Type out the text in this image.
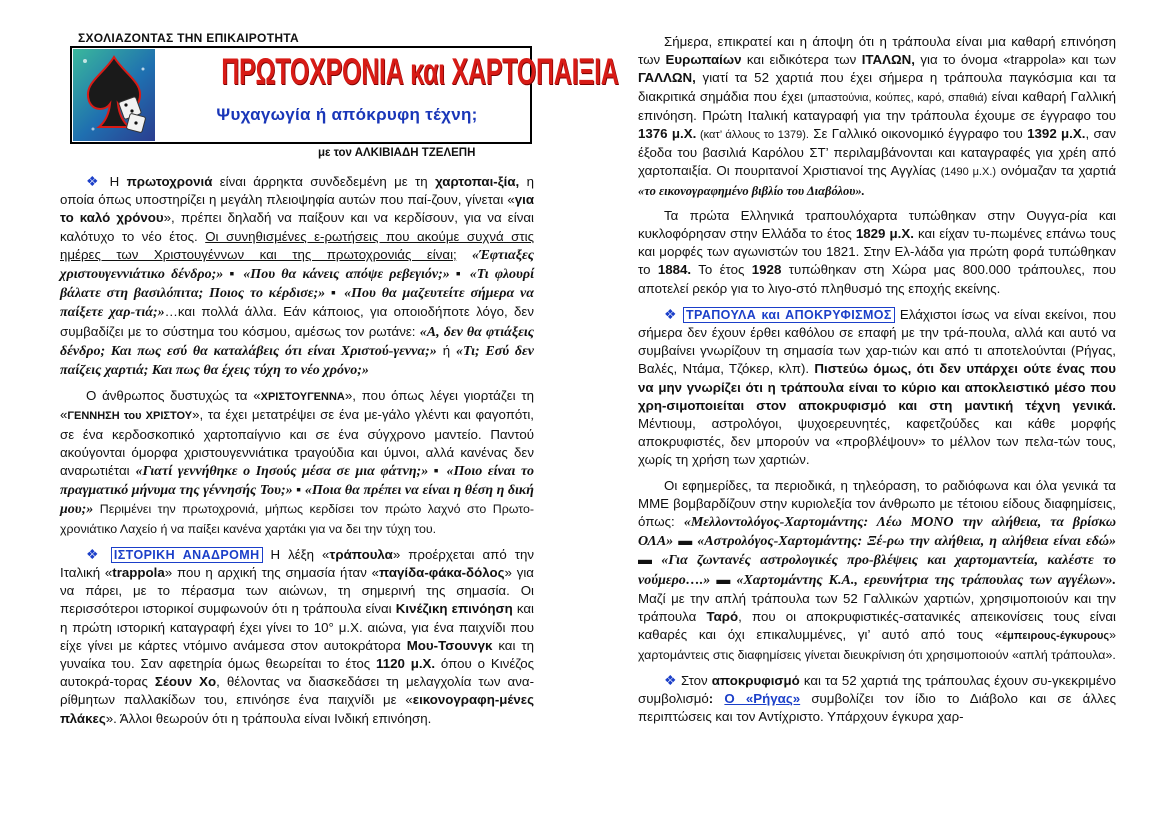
ΣΧΟΛΙΑΖΟΝΤΑΣ ΤΗΝ ΕΠΙΚΑΙΡΟΤΗΤΑ
ΠΡΩΤΟΧΡΟΝΙΑ και ΧΑΡΤΟΠΑΙΞΙΑ
Ψυχαγωγία ή απόκρυφη τέχνη;
με τον ΑΛΚΙΒΙΑΔΗ ΤΖΕΛΕΠΗ

❖ Η πρωτοχρονιά είναι άρρηκτα συνδεδεμένη με τη χαρτοπαι-ξία, η οποία όπως υποστηρίζει η μεγάλη πλειοψηφία αυτών που παί-ζουν, γίνεται «για το καλό χρόνου», πρέπει δηλαδή να παίξουν και να κερδίσουν, για να είναι καλότυχο το νέο έτος. Οι συνηθισμένες ε-ρωτήσεις που ακούμε συχνά στις ημέρες των Χριστουγέννων και της πρωτοχρονιάς είναι; «Έφτιαξες χριστουγεννιάτικο δένδρο;» ▪ «Που θα κάνεις απόψε ρεβεγιόν;» ▪ «Τι φλουρί βάλατε στη βασιλόπιτα; Ποιος το κέρδισε;» ▪ «Που θα μαζευτείτε σήμερα να παίξετε χαρ-τιά;»…και πολλά άλλα. Εάν κάποιος, για οποιοδήποτε λόγο, δεν συμβαδίζει με το σύστημα του κόσμου, αμέσως τον ρωτάνε: «Α, δεν θα φτιάξεις δένδρο; Και πως εσύ θα καταλάβεις ότι είναι Χριστού-γεννα;» ή «Τι; Εσύ δεν παίζεις χαρτιά; Και πως θα έχεις τύχη το νέο χρόνο;»

Ο άνθρωπος δυστυχώς τα «ΧΡΙΣΤΟΥΓΕΝΝΑ», που όπως λέγει γιορτάζει τη «ΓΕΝΝΗΣΗ του ΧΡΙΣΤΟΥ», τα έχει μετατρέψει σε ένα με-γάλο γλέντι και φαγοπότι, σε ένα κερδοσκοπικό χαρτοπαίγνιο και σε ένα σύγχρονο μαντείο. Παντού ακούγονται όμορφα χριστουγεννιάτικα τραγούδια και ύμνοι, αλλά κανένας δεν αναρωτιέται «Γιατί γεννήθηκε ο Ιησούς μέσα σε μια φάτνη;» ▪ «Ποιο είναι το πραγματικό μήνυμα της γέννησής Του;» ▪ «Ποια θα πρέπει να είναι η θέση η δική μου;» Περιμένει την πρωτοχρονιά, μήπως κερδίσει τον πρώτο λαχνό στο Πρωτο-χρονιάτικο Λαχείο ή να παίξει κανένα χαρτάκι για να δει την τύχη του.

❖ ΙΣΤΟΡΙΚΗ ΑΝΑΔΡΟΜΗ Η λέξη «τράπουλα» προέρχεται από την Ιταλική «trappola» που η αρχική της σημασία ήταν «παγίδα-φάκα-δόλος» για να πάρει, με το πέρασμα των αιώνων, τη σημερινή της σημασία. Οι περισσότεροι ιστορικοί συμφωνούν ότι η τράπουλα είναι Κινέζικη επινόηση και η πρώτη ιστορική καταγραφή έχει γίνει το 10° μ.Χ. αιώνα, για ένα παιχνίδι που είχε γίνει με κάρτες ντόμινο ανάμεσα στον αυτοκράτορα Μου-Τσουνγκ και τη γυναίκα του. Σαν αφετηρία όμως θεωρείται το έτος 1120 μ.Χ. όπου ο Κινέζος αυτοκρά-τορας Σέουν Χο, θέλοντας να διασκεδάσει τη μελαγχολία των ανα-ρίθμητων παλλακίδων του, επινόησε ένα παιχνίδι με «εικονογραφη-μένες πλάκες». Άλλοι θεωρούν ότι η τράπουλα είναι Ινδική επινόηση.

Σήμερα, επικρατεί και η άποψη ότι η τράπουλα είναι μια καθαρή επινόηση των Ευρωπαίων και ειδικότερα των ΙΤΑΛΩΝ, για το όνομα «trappola» και των ΓΑΛΛΩΝ, γιατί τα 52 χαρτιά που έχει σήμερα η τράπουλα παγκόσμια και τα διακριτικά σημάδια που έχει (μπαστούνια, κούπες, καρό, σπαθιά) είναι καθαρή Γαλλική επινόηση. Πρώτη Ιταλική καταγραφή για την τράπουλα έχουμε σε έγγραφο του 1376 μ.Χ. (κατ’ άλλους το 1379). Σε Γαλλικό οικονομικό έγγραφο του 1392 μ.Χ., σαν έξοδα του βασιλιά Καρόλου ΣΤ’ περιλαμβάνονται και καταγραφές για χρέη από χαρτοπαιξία. Οι πουριτανοί Χριστιανοί της Αγγλίας (1490 μ.Χ.) ονόμαζαν τα χαρτιά «το εικονογραφημένο βιβλίο του Διαβόλου».

Τα πρώτα Ελληνικά τραπουλόχαρτα τυπώθηκαν στην Ουγγα-ρία και κυκλοφόρησαν στην Ελλάδα το έτος 1829 μ.Χ. και είχαν τυ-πωμένες επάνω τους και μορφές των αγωνιστών του 1821. Στην Ελ-λάδα για πρώτη φορά τυπώθηκαν το 1884. Το έτος 1928 τυπώθηκαν στη Χώρα μας 800.000 τράπουλες, που αποτελεί ρεκόρ για το λιγο-στό πληθυσμό της εποχής εκείνης.

❖ ΤΡΑΠΟΥΛΑ και ΑΠΟΚΡΥΦΙΣΜΟΣ Ελάχιστοι ίσως να είναι εκείνοι, που σήμερα δεν έχουν έρθει καθόλου σε επαφή με την τρά-πουλα, αλλά και αυτό να συμβαίνει γνωρίζουν τη σημασία των χαρ-τιών και από τι αποτελούνται (Ρήγας, Βαλές, Ντάμα, Τζόκερ, κλπ). Πιστεύω όμως, ότι δεν υπάρχει ούτε ένας που να μην γνωρίζει ότι η τράπουλα είναι το κύριο και αποκλειστικό μέσο που χρη-σιμοποιείται στον αποκρυφισμό και στη μαντική τέχνη γενικά. Μέντιουμ, αστρολόγοι, ψυχοερευνητές, καφετζούδες και κάθε μορφής αποκρυφιστές, δεν μπορούν να «προβλέψουν» το μέλλον των πελα-τών τους, χωρίς τη χρήση των χαρτιών.

Οι εφημερίδες, τα περιοδικά, η τηλεόραση, το ραδιόφωνα και όλα γενικά τα ΜΜΕ βομβαρδίζουν στην κυριολεξία τον άνθρωπο με τέτοιου είδους διαφημίσεις, όπως: «Μελλοντολόγος-Χαρτομάντης: Λέω ΜΟΝΟ την αλήθεια, τα βρίσκω ΟΛΑ» ▬ «Αστρολόγος-Χαρτομάντης: Ξέ-ρω την αλήθεια, η αλήθεια είναι εδώ» ▬ «Για ζωντανές αστρολογικές προ-βλέψεις και χαρτομαντεία, καλέστε το νούμερο….» ▬ «Χαρτομάντης Κ.Α., ερευνήτρια της τράπουλας των αγγέλων». Μαζί με την απλή τράπουλα των 52 Γαλλικών χαρτιών, χρησιμοποιούν και την τράπουλα Ταρό, που οι αποκρυφιστικές-σατανικές απεικονίσεις τους είναι καθαρές και όχι επικαλυμμένες, γι’ αυτό από τους «έμπειρους-έγκυρους» χαρτομάντεις στις διαφημίσεις γίνεται διευκρίνιση ότι χρησιμοποιούν «απλή τράπουλα».

❖ Στον αποκρυφισμό και τα 52 χαρτιά της τράπουλας έχουν συ-γκεκριμένο συμβολισμό: Ο «Ρήγας» συμβολίζει τον ίδιο το Διάβολο και σε άλλες περιπτώσεις και τον Αντίχριστο. Υπάρχουν έγκυρα χαρ-
